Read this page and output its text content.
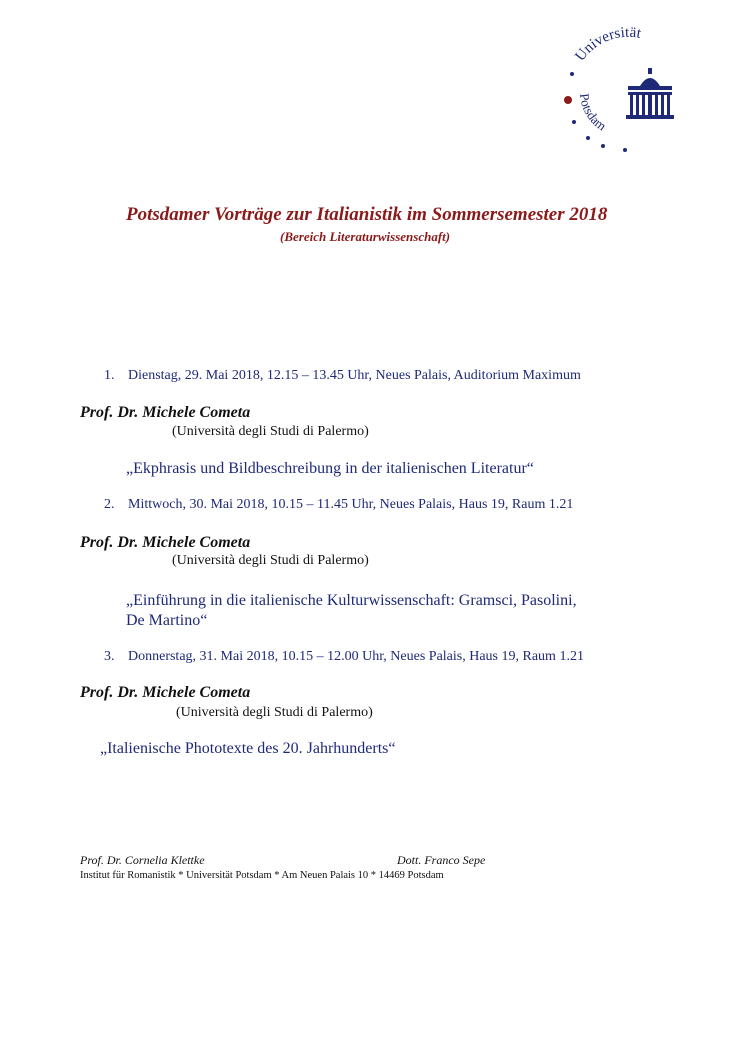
Universität
Potsdam
Potsdamer Vorträge zur Italianistik im Sommersemester 2018
(Bereich Literaturwissenschaft)
1. Dienstag, 29. Mai 2018, 12.15 – 13.45 Uhr, Neues Palais, Auditorium Maximum
Prof. Dr. Michele Cometa
(Università degli Studi di Palermo)
„Ekphrasis und Bildbeschreibung in der italienischen Literatur“
2. Mittwoch, 30. Mai 2018, 10.15 – 11.45 Uhr, Neues Palais, Haus 19, Raum 1.21
Prof. Dr. Michele Cometa
(Università degli Studi di Palermo)
„Einführung in die italienische Kulturwissenschaft: Gramsci, Pasolini,
De Martino“
3. Donnerstag, 31. Mai 2018, 10.15 – 12.00 Uhr, Neues Palais, Haus 19, Raum 1.21
Prof. Dr. Michele Cometa
(Università degli Studi di Palermo)
„Italienische Phototexte des 20. Jahrhunderts“
Prof. Dr. Cornelia Klettke	Dott. Franco Sepe
Institut für Romanistik * Universität Potsdam * Am Neuen Palais 10 * 14469 Potsdam
